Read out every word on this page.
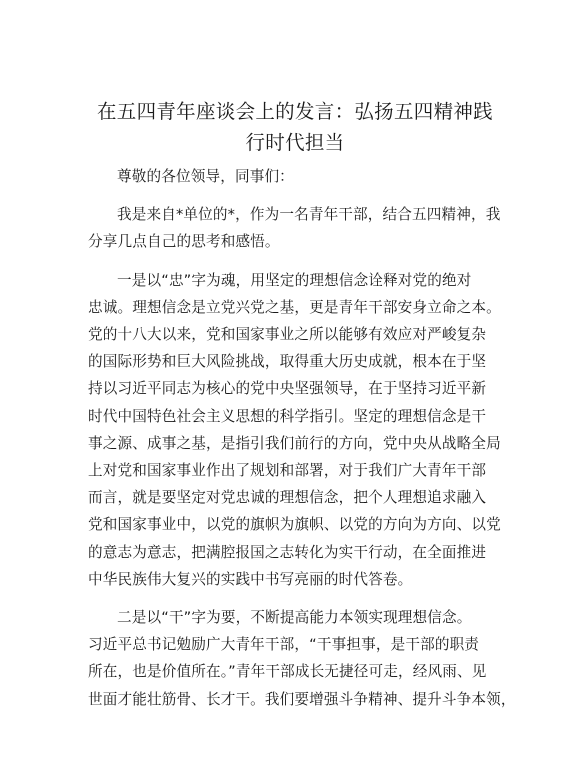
在五四青年座谈会上的发言：弘扬五四精神践
行时代担当

尊敬的各位领导，同事们：

我是来自*单位的*，作为一名青年干部，结合五四精神，我
分享几点自己的思考和感悟。

一是以“忠”字为魂，用坚定的理想信念诠释对党的绝对
忠诚。理想信念是立党兴党之基，更是青年干部安身立命之本。
党的十八大以来，党和国家事业之所以能够有效应对严峻复杂
的国际形势和巨大风险挑战，取得重大历史成就，根本在于坚
持以习近平同志为核心的党中央坚强领导，在于坚持习近平新
时代中国特色社会主义思想的科学指引。坚定的理想信念是干
事之源、成事之基，是指引我们前行的方向，党中央从战略全局
上对党和国家事业作出了规划和部署，对于我们广大青年干部
而言，就是要坚定对党忠诚的理想信念，把个人理想追求融入
党和国家事业中，以党的旗帜为旗帜、以党的方向为方向、以党
的意志为意志，把满腔报国之志转化为实干行动，在全面推进
中华民族伟大复兴的实践中书写亮丽的时代答卷。

二是以“干”字为要，不断提高能力本领实现理想信念。
习近平总书记勉励广大青年干部，“干事担事，是干部的职责
所在，也是价值所在。”青年干部成长无捷径可走，经风雨、见
世面才能壮筋骨、长才干。我们要增强斗争精神、提升斗争本领，
